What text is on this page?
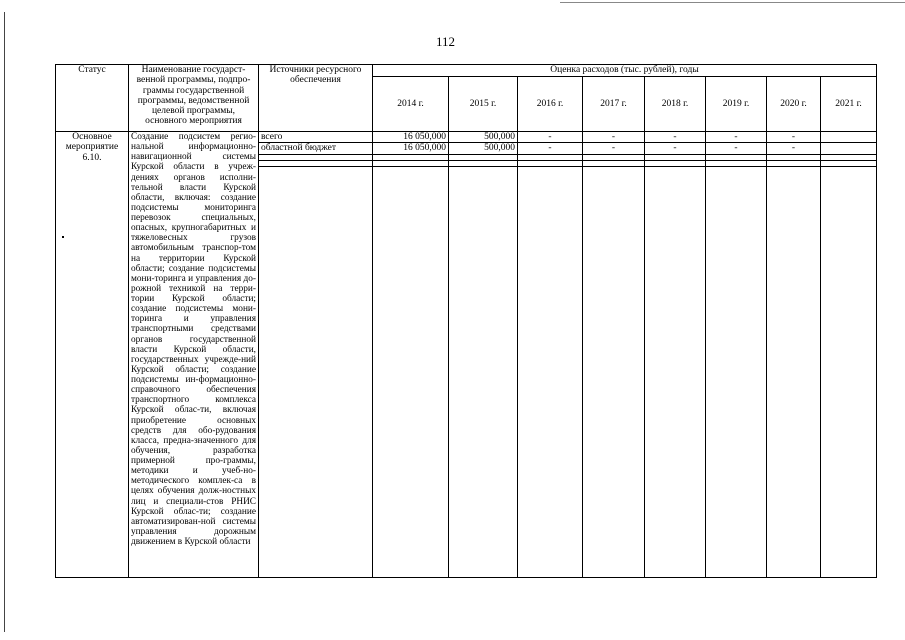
112
Статус	Наименование государст-венной программы, подпро-граммы государственной программы, ведомственной целевой программы, основного мероприятия	Источники ресурсного обеспечения	Оценка расходов (тыс. рублей), годы							
			2014 г.	2015 г.	2016 г.	2017 г.	2018 г.	2019 г.	2020 г.	2021 г.
Основное мероприятие 6.10.	Создание подсистем регио-нальной информационно-навигационной системы Курской области в учреж-дениях органов исполни-тельной власти Курской области, включая: создание подсистемы мониторинга перевозок специальных, опасных, крупногабаритных и тяжеловесных грузов автомобильным транспор-том на территории Курской области; создание подсистемы мони-торинга и управления до-рожной техникой на терри-тории Курской области; создание подсистемы мони-торинга и управления транспортными средствами органов государственной власти Курской области, государственных учрежде-ний Курской области; создание подсистемы ин-формационно-справочного обеспечения транспортного комплекса Курской облас-ти, включая приобретение основных средств для обо-рудования класса, предна-значенного для обучения, разработка примерной про-граммы, методики и учеб-но-методического комплек-са в целях обучения долж-ностных лиц и специали-стов РНИС Курской облас-ти; создание автоматизирован-ной системы управления дорожным движением в Курской области	всего	16 050,000	500,000	-	-	-	-	-	
		областной бюджет	16 050,000	500,000	-	-	-	-	-	
